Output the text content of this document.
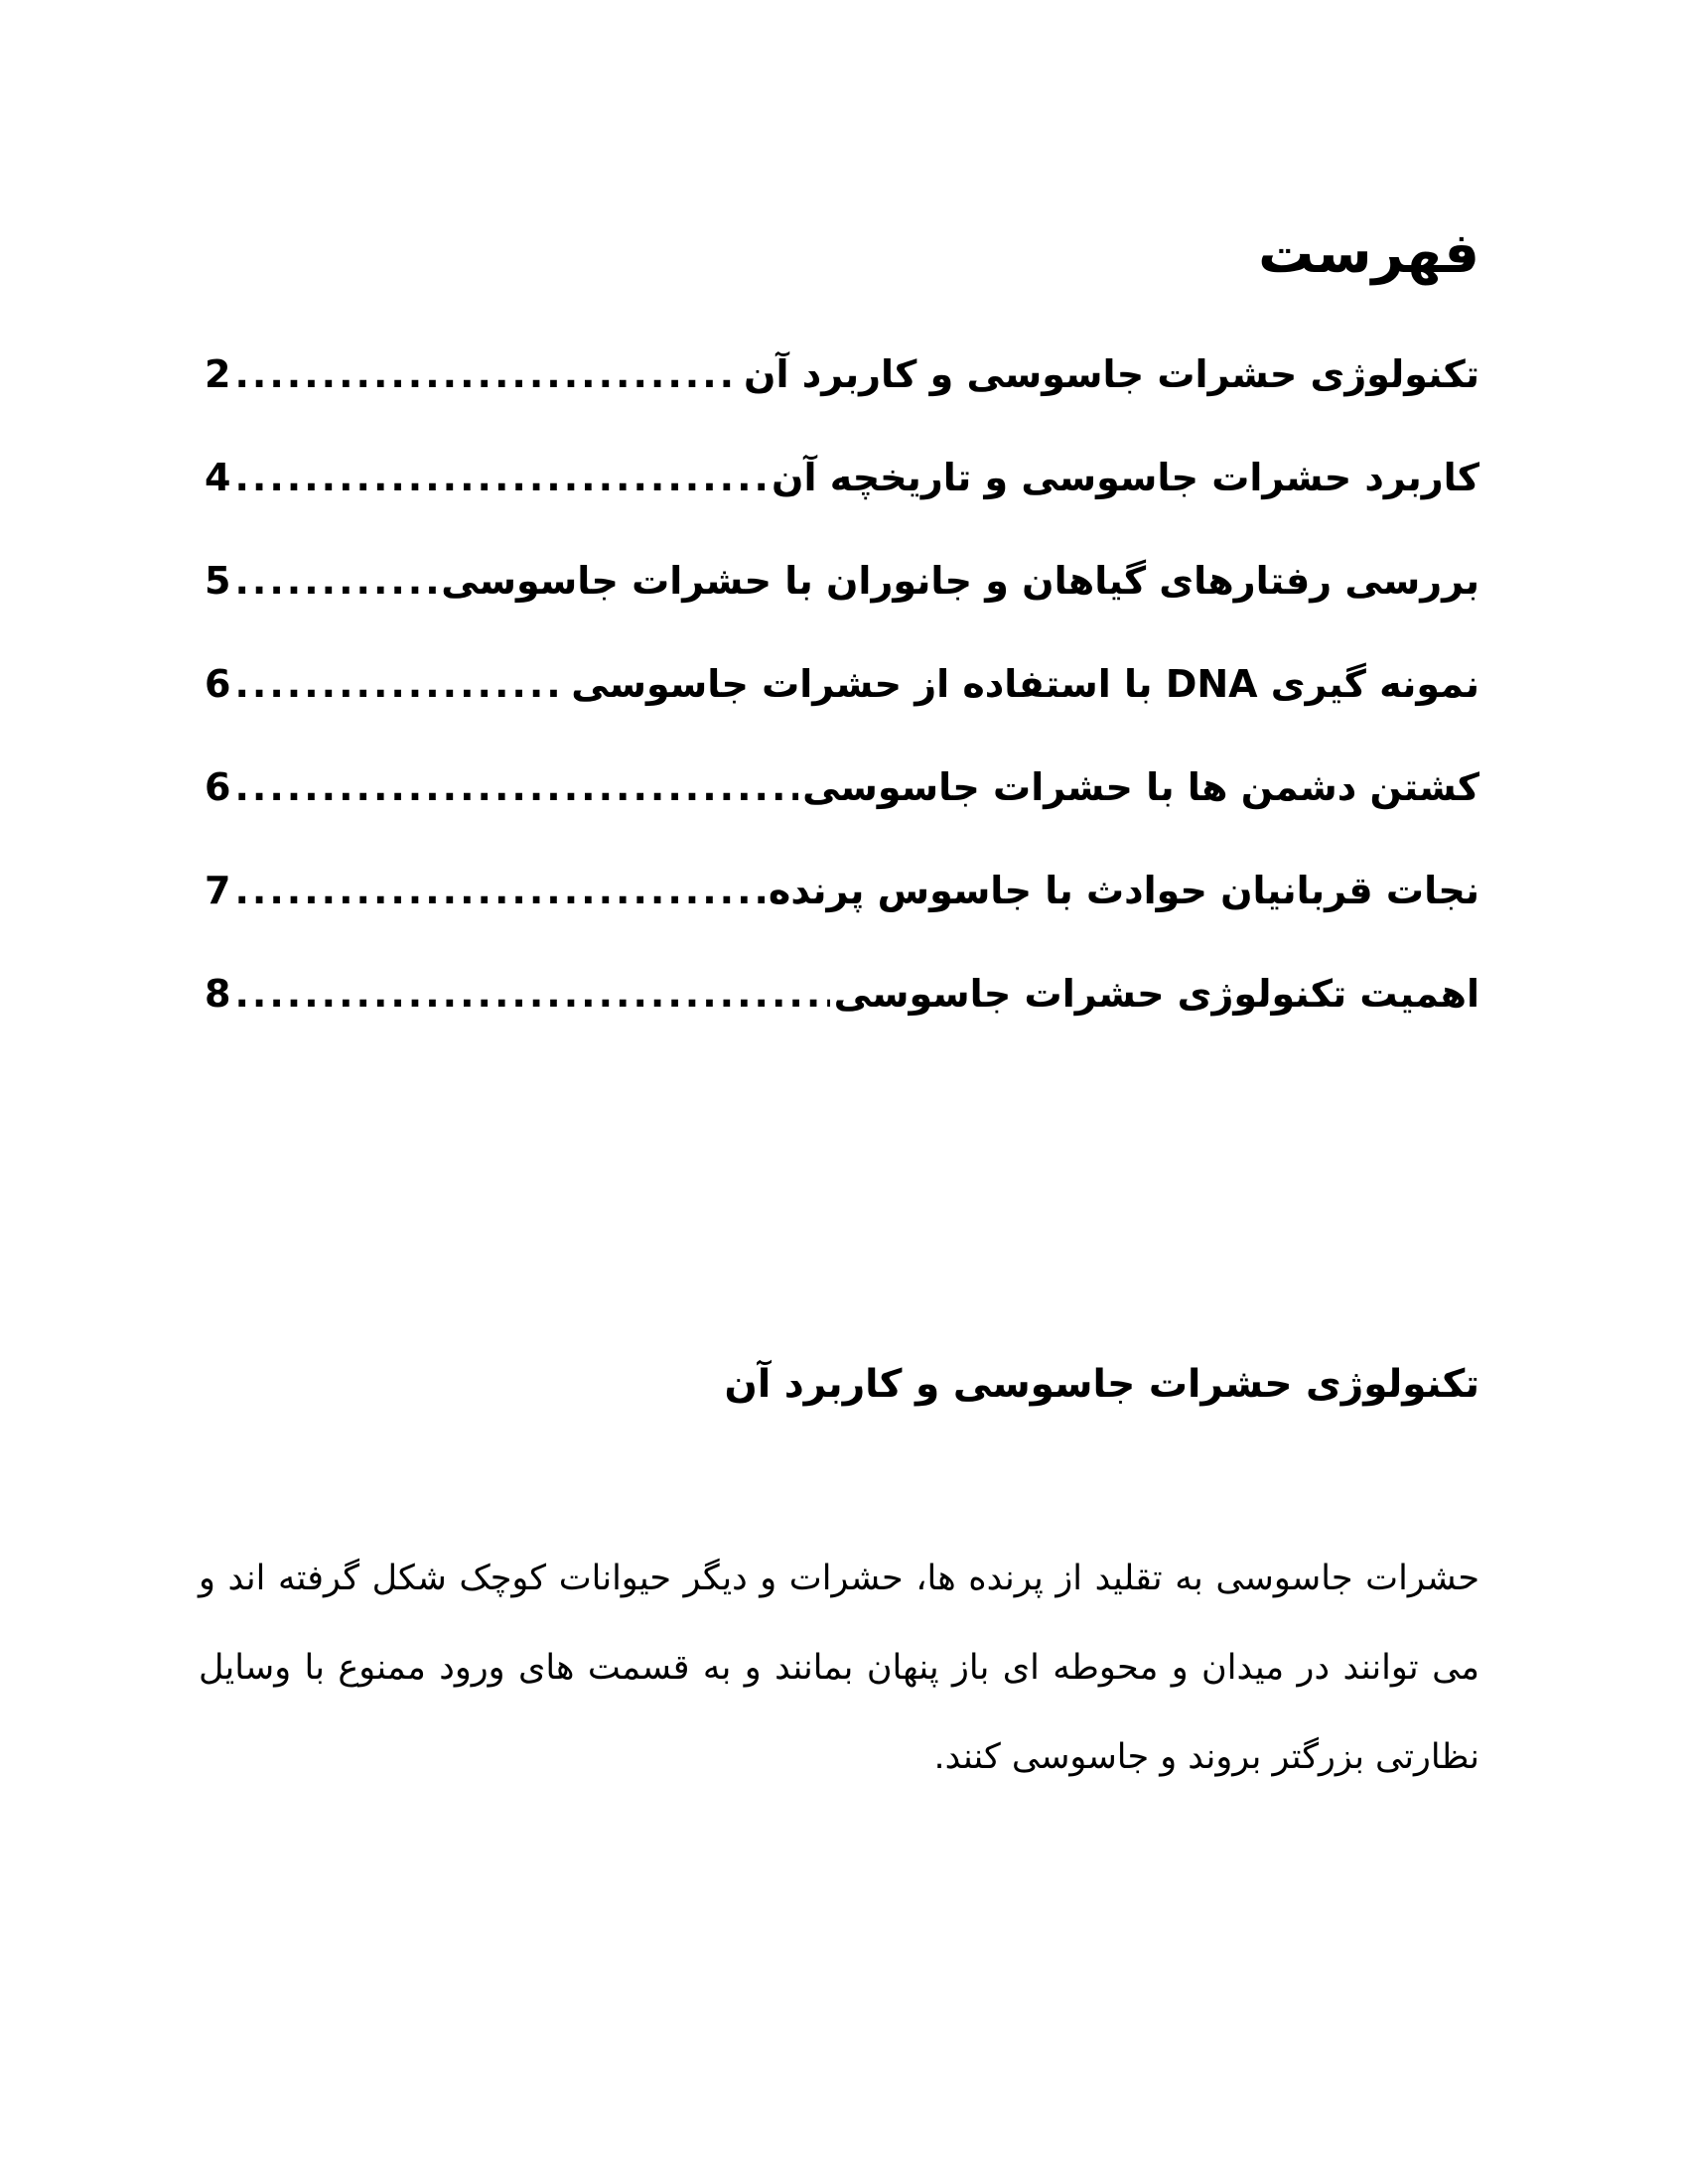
فهرست
تکنولوژی حشرات جاسوسی و کاربرد آن
.....
2
کاربرد حشرات جاسوسی و تاریخچه آن
.....
4
بررسی رفتارهای گیاهان و جانوران با حشرات جاسوسی
.....
5
نمونه گیری DNA با استفاده از حشرات جاسوسی
.....
6
کشتن دشمن ها با حشرات جاسوسی
.....
6
نجات قربانیان حوادث با جاسوس پرنده
.....
7
اهمیت تکنولوژی حشرات جاسوسی
.....
8
تکنولوژی حشرات جاسوسی و کاربرد آن

حشرات جاسوسی به تقلید از پرنده ها، حشرات و دیگر حیوانات کوچک شکل گرفته اند و می توانند در میدان و محوطه ای باز پنهان بمانند و به قسمت های ورود ممنوع با وسایل نظارتی بزرگتر بروند و جاسوسی کنند.
